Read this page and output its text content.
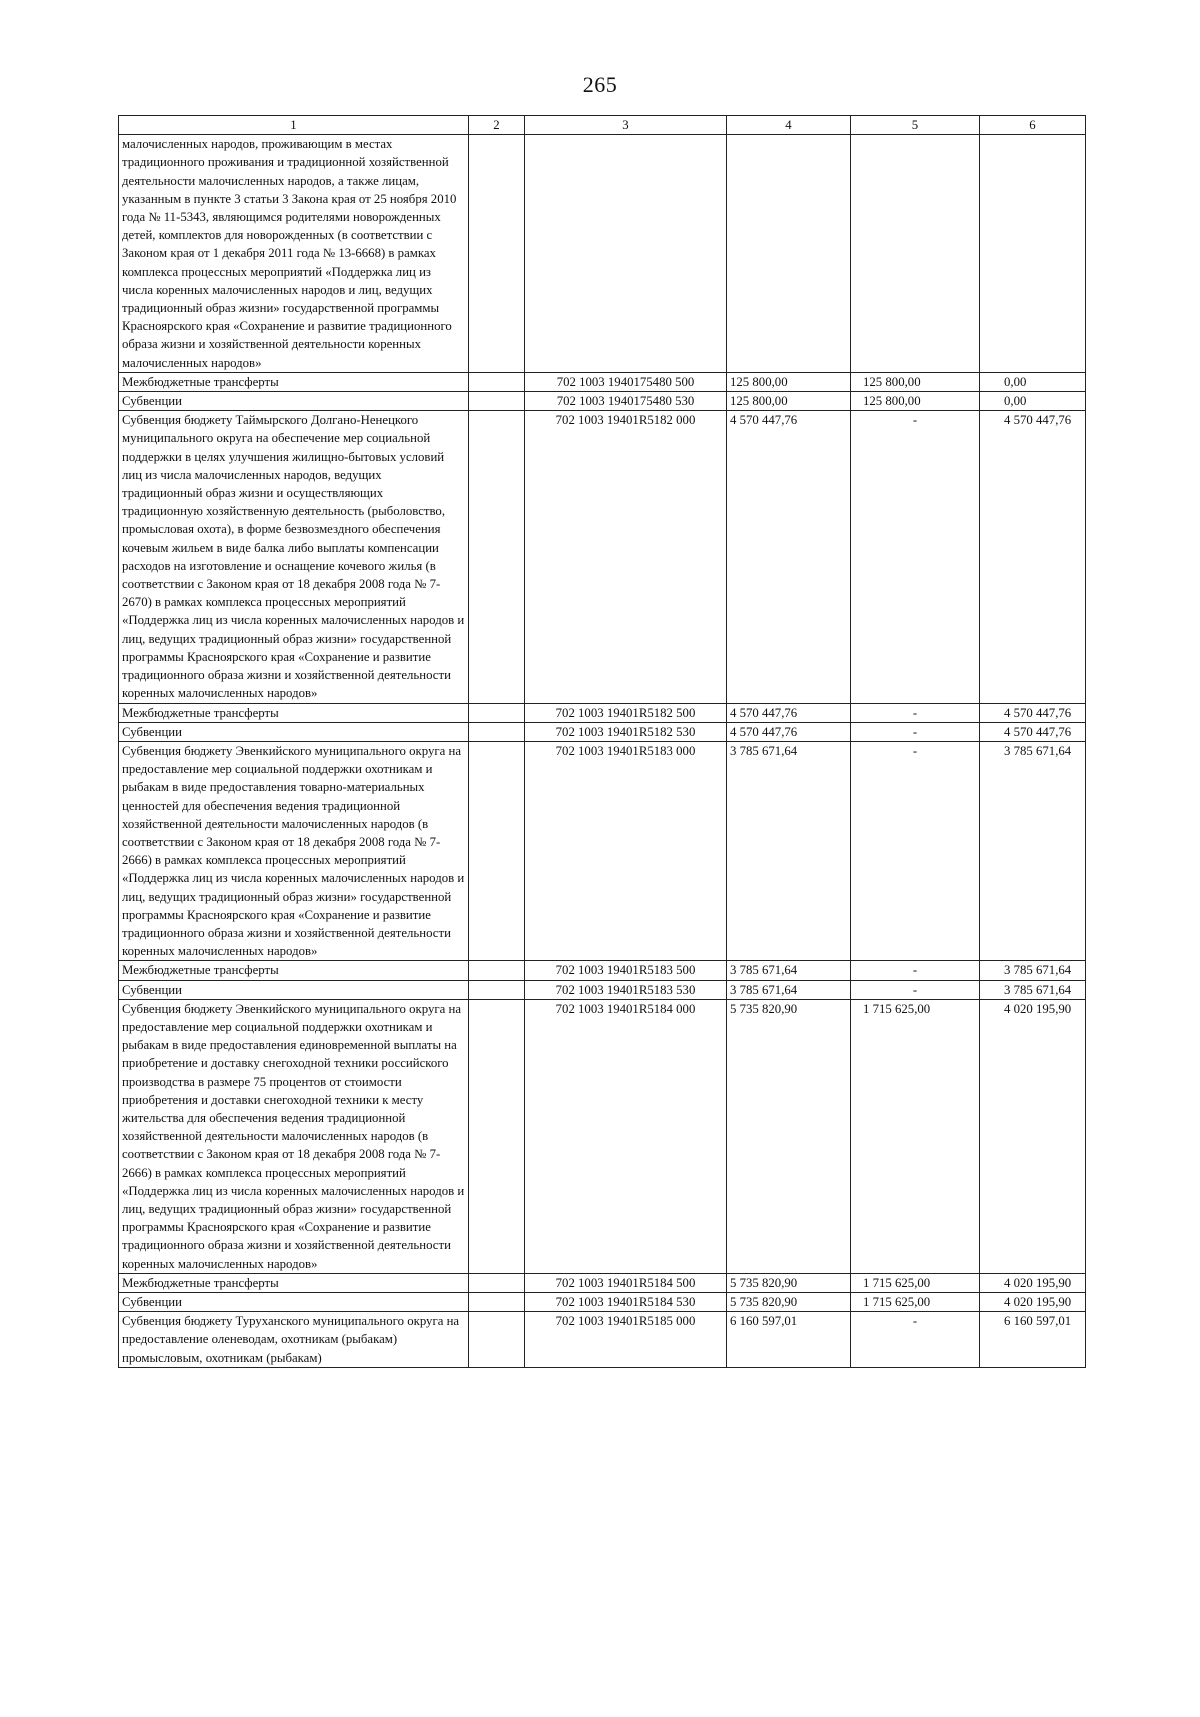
265
1	2	3	4	5	6
малочисленных народов, проживающим в местах традиционного проживания и традиционной хозяйственной деятельности малочисленных народов, а также лицам, указанным в пункте 3 статьи 3 Закона края от 25 ноября 2010 года № 11-5343, являющимся родителями новорожденных детей, комплектов для новорожденных (в соответствии с Законом края от 1 декабря 2011 года № 13-6668) в рамках комплекса процессных мероприятий «Поддержка лиц из числа коренных малочисленных народов и лиц, ведущих традиционный образ жизни» государственной программы Красноярского края «Сохранение и развитие традиционного образа жизни и хозяйственной деятельности коренных малочисленных народов»					
Межбюджетные трансферты		702 1003 1940175480 500	125 800,00	125 800,00	0,00
Субвенции		702 1003 1940175480 530	125 800,00	125 800,00	0,00
Субвенция бюджету Таймырского Долгано-Ненецкого муниципального округа на обеспечение мер социальной поддержки в целях улучшения жилищно-бытовых условий лиц из числа малочисленных народов, ведущих традиционный образ жизни и осуществляющих традиционную хозяйственную деятельность (рыболовство, промысловая охота), в форме безвозмездного обеспечения кочевым жильем в виде балка либо выплаты компенсации расходов на изготовление и оснащение кочевого жилья (в соответствии с Законом края от 18 декабря 2008 года № 7-2670) в рамках комплекса процессных мероприятий «Поддержка лиц из числа коренных малочисленных народов и лиц, ведущих традиционный образ жизни» государственной программы Красноярского края «Сохранение и развитие традиционного образа жизни и хозяйственной деятельности коренных малочисленных народов»		702 1003 19401R5182 000	4 570 447,76	-	4 570 447,76
Межбюджетные трансферты		702 1003 19401R5182 500	4 570 447,76	-	4 570 447,76
Субвенции		702 1003 19401R5182 530	4 570 447,76	-	4 570 447,76
Субвенция бюджету Эвенкийского муниципального округа на предоставление мер социальной поддержки охотникам и рыбакам в виде предоставления товарно-материальных ценностей для обеспечения ведения традиционной хозяйственной деятельности малочисленных народов (в соответствии с Законом края от 18 декабря 2008 года № 7-2666) в рамках комплекса процессных мероприятий «Поддержка лиц из числа коренных малочисленных народов и лиц, ведущих традиционный образ жизни» государственной программы Красноярского края «Сохранение и развитие традиционного образа жизни и хозяйственной деятельности коренных малочисленных народов»		702 1003 19401R5183 000	3 785 671,64	-	3 785 671,64
Межбюджетные трансферты		702 1003 19401R5183 500	3 785 671,64	-	3 785 671,64
Субвенции		702 1003 19401R5183 530	3 785 671,64	-	3 785 671,64
Субвенция бюджету Эвенкийского муниципального округа на предоставление мер социальной поддержки охотникам и рыбакам в виде предоставления единовременной выплаты на приобретение и доставку снегоходной техники российского производства в размере 75 процентов от стоимости приобретения и доставки снегоходной техники к месту жительства для обеспечения ведения традиционной хозяйственной деятельности малочисленных народов (в соответствии с Законом края от 18 декабря 2008 года № 7-2666) в рамках комплекса процессных мероприятий «Поддержка лиц из числа коренных малочисленных народов и лиц, ведущих традиционный образ жизни» государственной программы Красноярского края «Сохранение и развитие традиционного образа жизни и хозяйственной деятельности коренных малочисленных народов»		702 1003 19401R5184 000	5 735 820,90	1 715 625,00	4 020 195,90
Межбюджетные трансферты		702 1003 19401R5184 500	5 735 820,90	1 715 625,00	4 020 195,90
Субвенции		702 1003 19401R5184 530	5 735 820,90	1 715 625,00	4 020 195,90
Субвенция бюджету Туруханского муниципального округа на предоставление оленеводам, охотникам (рыбакам) промысловым, охотникам (рыбакам)		702 1003 19401R5185 000	6 160 597,01	-	6 160 597,01
